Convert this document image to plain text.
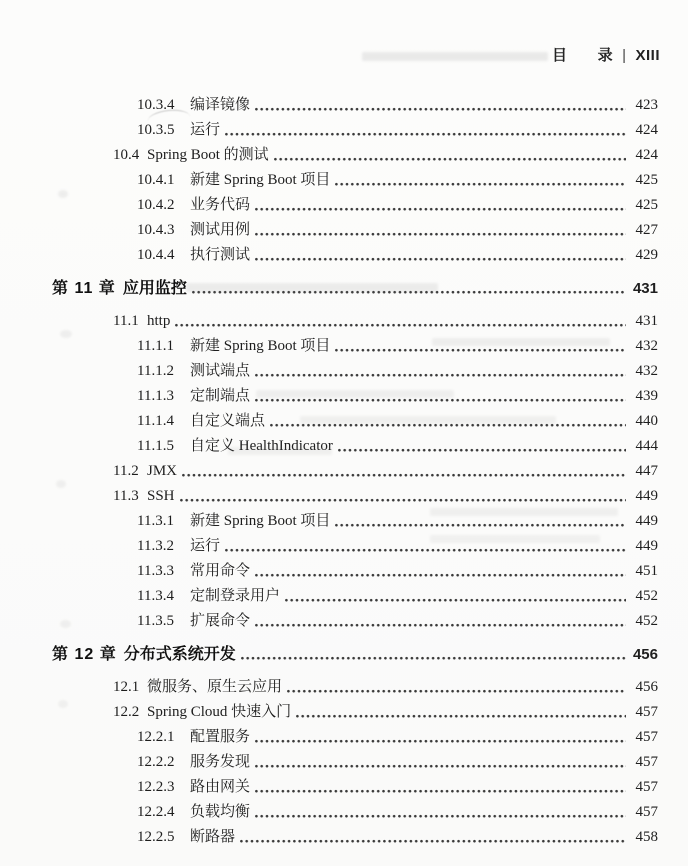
目 录 | XIII
10.3.4 编译镜像	423
10.3.5 运行	424
10.4 Spring Boot 的测试	424
10.4.1 新建 Spring Boot 项目	425
10.4.2 业务代码	425
10.4.3 测试用例	427
10.4.4 执行测试	429
第 11 章 应用监控	431
11.1 http	431
11.1.1 新建 Spring Boot 项目	432
11.1.2 测试端点	432
11.1.3 定制端点	439
11.1.4 自定义端点	440
11.1.5 自定义 HealthIndicator	444
11.2 JMX	447
11.3 SSH	449
11.3.1 新建 Spring Boot 项目	449
11.3.2 运行	449
11.3.3 常用命令	451
11.3.4 定制登录用户	452
11.3.5 扩展命令	452
第 12 章 分布式系统开发	456
12.1 微服务、原生云应用	456
12.2 Spring Cloud 快速入门	457
12.2.1 配置服务	457
12.2.2 服务发现	457
12.2.3 路由网关	457
12.2.4 负载均衡	457
12.2.5 断路器	458
